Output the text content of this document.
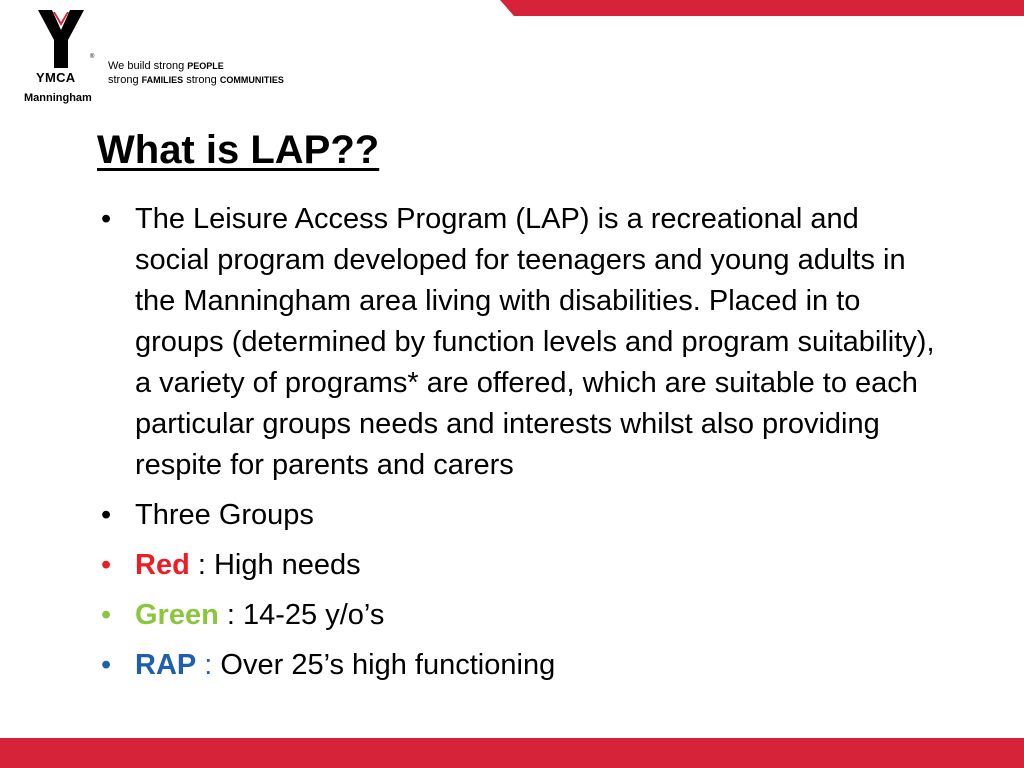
®
YMCA
Manningham
We build strong PEOPLE
strong FAMILIES strong COMMUNITIES
What is LAP??
• The Leisure Access Program (LAP) is a recreational and social program developed for teenagers and young adults in the Manningham area living with disabilities. Placed in to groups (determined by function levels and program suitability), a variety of programs* are offered, which are suitable to each particular groups needs and interests whilst also providing respite for parents and carers
• Three Groups
• Red : High needs
• Green : 14-25 y/o’s
• RAP : Over 25’s high functioning
